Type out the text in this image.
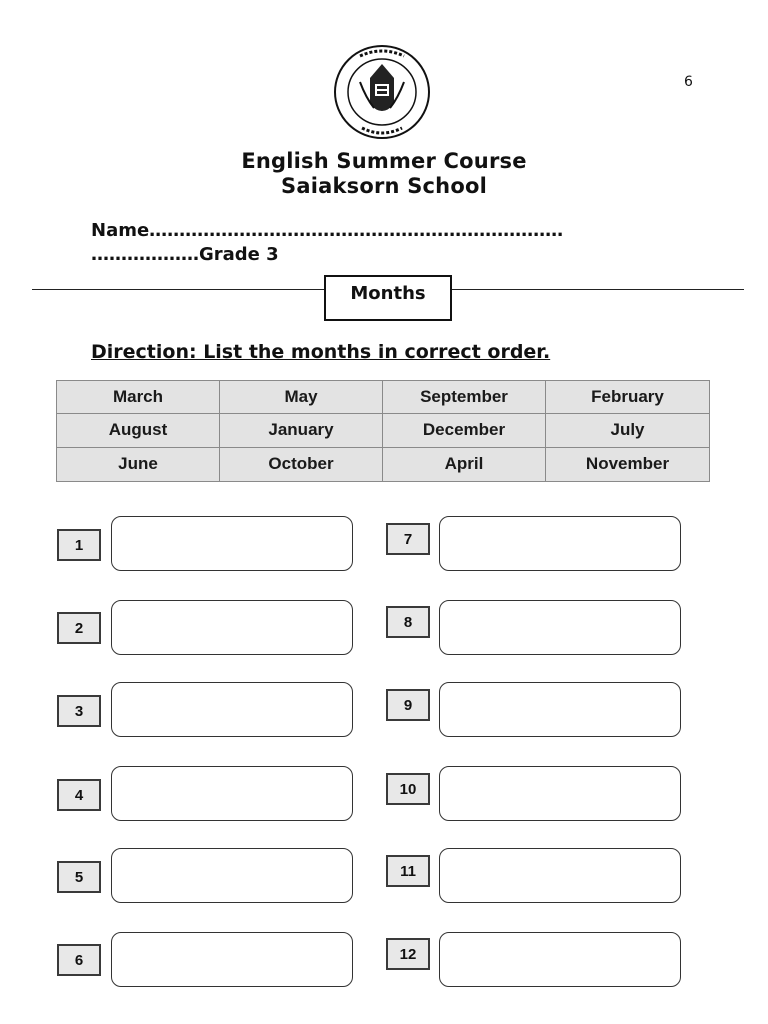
6
English Summer Course
Saiaksorn School
Name……………………………………………………………
………………Grade 3
Months
Direction: List the months in correct order.
March	May	September	February
August	January	December	July
June	October	April	November
1
2
3
4
5
6
7
8
9
10
11
12
